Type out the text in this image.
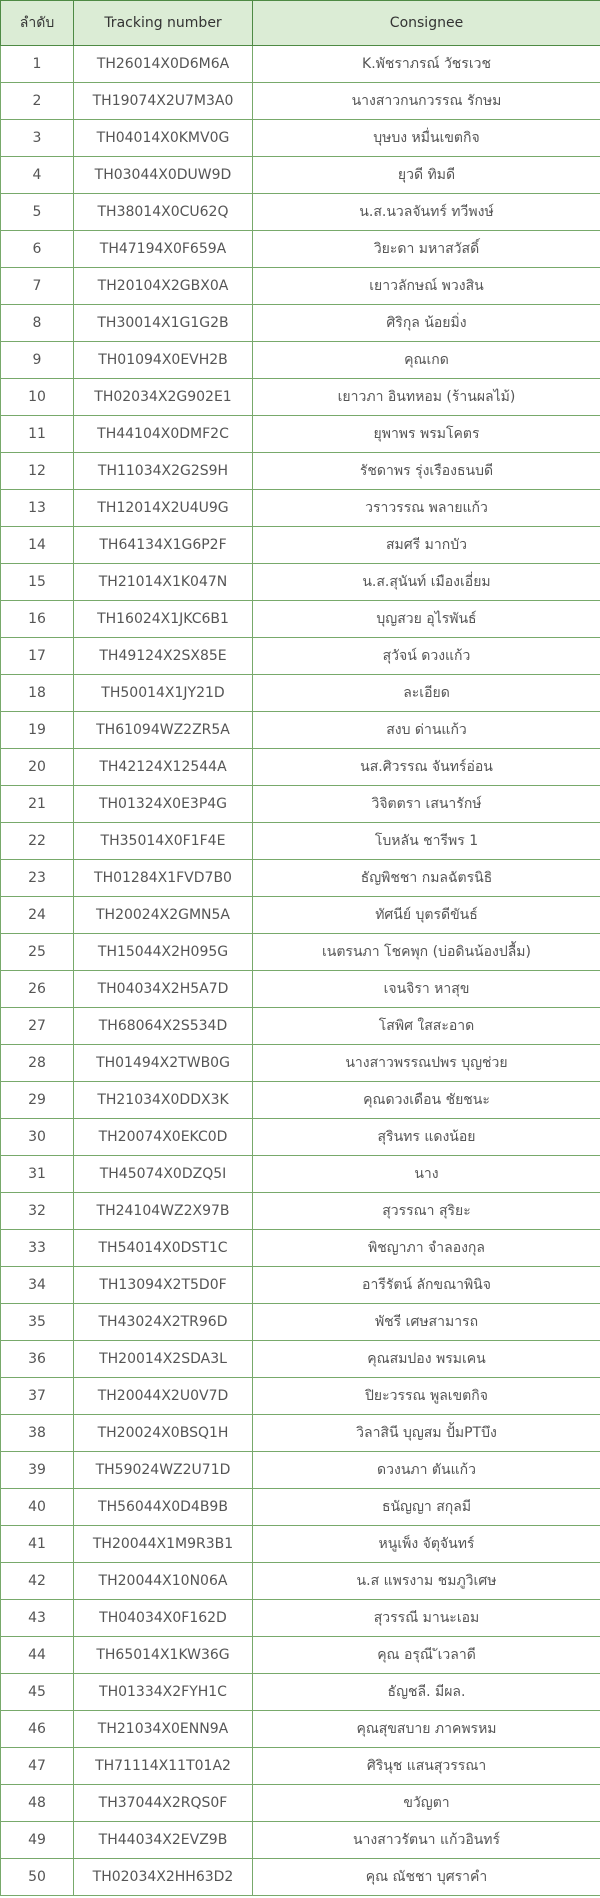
ลำดับ	Tracking number	Consignee
1	TH26014X0D6M6A	K.พัชราภรณ์ วัชรเวช
2	TH19074X2U7M3A0	นางสาวกนกวรรณ รักษม
3	TH04014X0KMV0G	บุษบง หมื่นเขตกิจ
4	TH03044X0DUW9D	ยุวดี ทิมดี
5	TH38014X0CU62Q	น.ส.นวลจันทร์ ทวีพงษ์
6	TH47194X0F659A	วิยะดา มหาสวัสดิ์
7	TH20104X2GBX0A	เยาวลักษณ์ พวงสิน
8	TH30014X1G1G2B	ศิริกุล น้อยมิ่ง
9	TH01094X0EVH2B	คุณเกด
10	TH02034X2G902E1	เยาวภา อินทหอม (ร้านผลไม้)
11	TH44104X0DMF2C	ยุพาพร พรมโคตร
12	TH11034X2G2S9H	รัชดาพร รุ่งเรืองธนบดี
13	TH12014X2U4U9G	วราวรรณ พลายแก้ว
14	TH64134X1G6P2F	สมศรี มากบัว
15	TH21014X1K047N	น.ส.สุนันท์ เมืองเอี่ยม
16	TH16024X1JKC6B1	บุญสวย อุไรพันธ์
17	TH49124X2SX85E	สุวัจน์ ดวงแก้ว
18	TH50014X1JY21D	ละเอียด
19	TH61094WZ2ZR5A	สงบ ด่านแก้ว
20	TH42124X12544A	นส.ศิวรรณ จันทร์อ่อน
21	TH01324X0E3P4G	วิจิตตรา เสนารักษ์
22	TH35014X0F1F4E	โบหลัน ชารีพร 1
23	TH01284X1FVD7B0	ธัญพิชชา กมลฉัตรนิธิ
24	TH20024X2GMN5A	ทัศนีย์ บุตรดีขันธ์
25	TH15044X2H095G	เนตรนภา โชคพุก (บ่อดินน้องปลื้ม)
26	TH04034X2H5A7D	เจนจิรา หาสุข
27	TH68064X2S534D	โสพิศ ใสสะอาด
28	TH01494X2TWB0G	นางสาวพรรณปพร บุญช่วย
29	TH21034X0DDX3K	คุณดวงเดือน ชัยชนะ
30	TH20074X0EKC0D	สุรินทร แดงน้อย
31	TH45074X0DZQ5I	นาง
32	TH24104WZ2X97B	สุวรรณา สุริยะ
33	TH54014X0DST1C	พิชญาภา จำลองกุล
34	TH13094X2T5D0F	อารีรัตน์ ลักขณาพินิจ
35	TH43024X2TR96D	พัชรี เศษสามารถ
36	TH20014X2SDA3L	คุณสมปอง พรมเคน
37	TH20044X2U0V7D	ปิยะวรรณ พูลเขตกิจ
38	TH20024X0BSQ1H	วิลาสินี บุญสม ปั้มPTบึง
39	TH59024WZ2U71D	ดวงนภา ตันแก้ว
40	TH56044X0D4B9B	ธนัญญา สกุลมี
41	TH20044X1M9R3B1	หนูเพ็ง จัตุจันทร์
42	TH20044X10N06A	น.ส แพรงาม ชมภูวิเศษ
43	TH04034X0F162D	สุวรรณี มานะเอม
44	TH65014X1KW36G	คุณ อรุณี ัเวลาดี
45	TH01334X2FYH1C	ธัญชลี. มีผล.
46	TH21034X0ENN9A	คุณสุขสบาย ภาคพรหม
47	TH71114X11T01A2	ศิรินุช แสนสุวรรณา
48	TH37044X2RQS0F	ขวัญตา
49	TH44034X2EVZ9B	นางสาวรัตนา แก้วอินทร์
50	TH02034X2HH63D2	คุณ ณัชชา บุศราคำ
